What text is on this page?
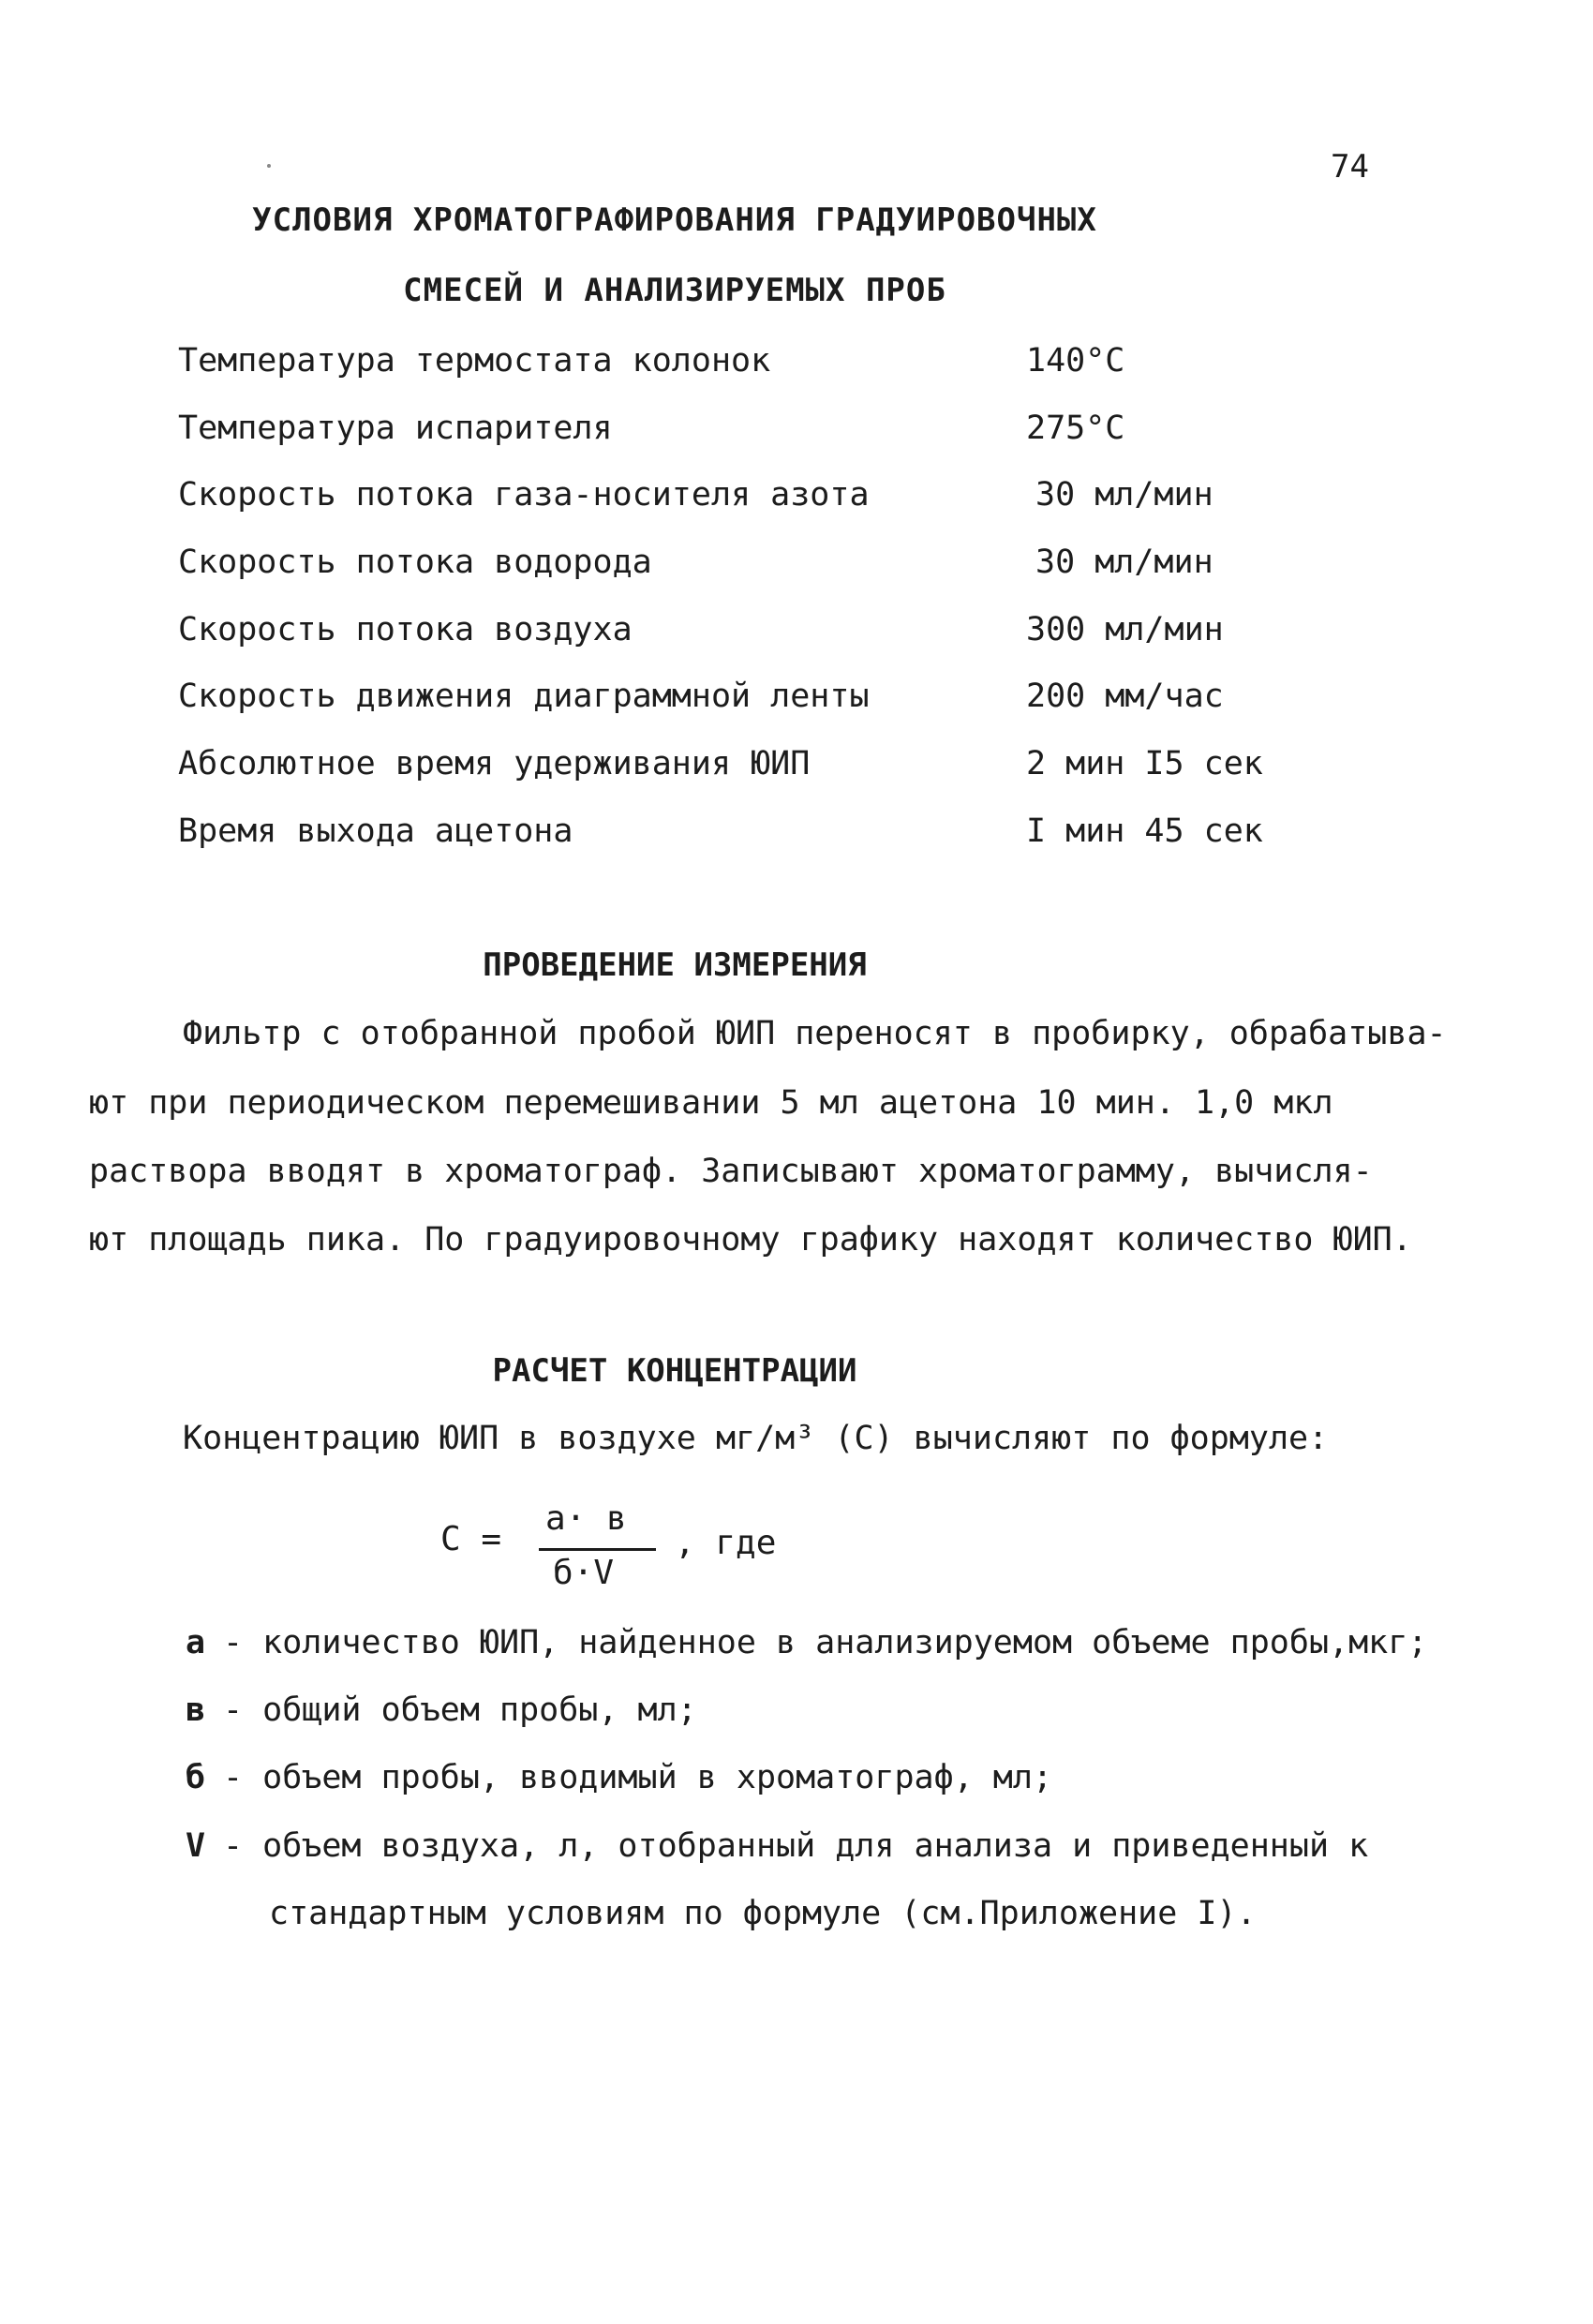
74
УСЛОВИЯ ХРОМАТОГРАФИРОВАНИЯ ГРАДУИРОВОЧНЫХ
СМЕСЕЙ И АНАЛИЗИРУЕМЫХ ПРОБ
Температура термостата колонок	140°C
Температура испарителя	275°C
Скорость потока газа-носителя азота	30 мл/мин
Скорость потока водорода	30 мл/мин
Скорость потока воздуха	300 мл/мин
Скорость движения диаграммной ленты	200 мм/час
Абсолютное время удерживания ЮИП	2 мин I5 сек
Время выхода ацетона	I мин 45 сек
ПРОВЕДЕНИЕ ИЗМЕРЕНИЯ
Фильтр с отобранной пробой ЮИП переносят в пробирку, обрабатыва-
ют при периодическом перемешивании 5 мл ацетона 10 мин. 1,0 мкл
раствора вводят в хроматограф. Записывают хроматограмму, вычисля-
ют площадь пика. По градуировочному графику находят количество ЮИП.
РАСЧЕТ КОНЦЕНТРАЦИИ
Концентрацию ЮИП в воздухе мг/м³ (С) вычисляют по формуле:
С =
а· в
б·V
, где
а - количество ЮИП, найденное в анализируемом объеме пробы,мкг;
в - общий объем пробы, мл;
б - объем пробы, вводимый в хроматограф, мл;
V - объем воздуха, л, отобранный для анализа и приведенный к
стандартным условиям по формуле (см.Приложение I).
